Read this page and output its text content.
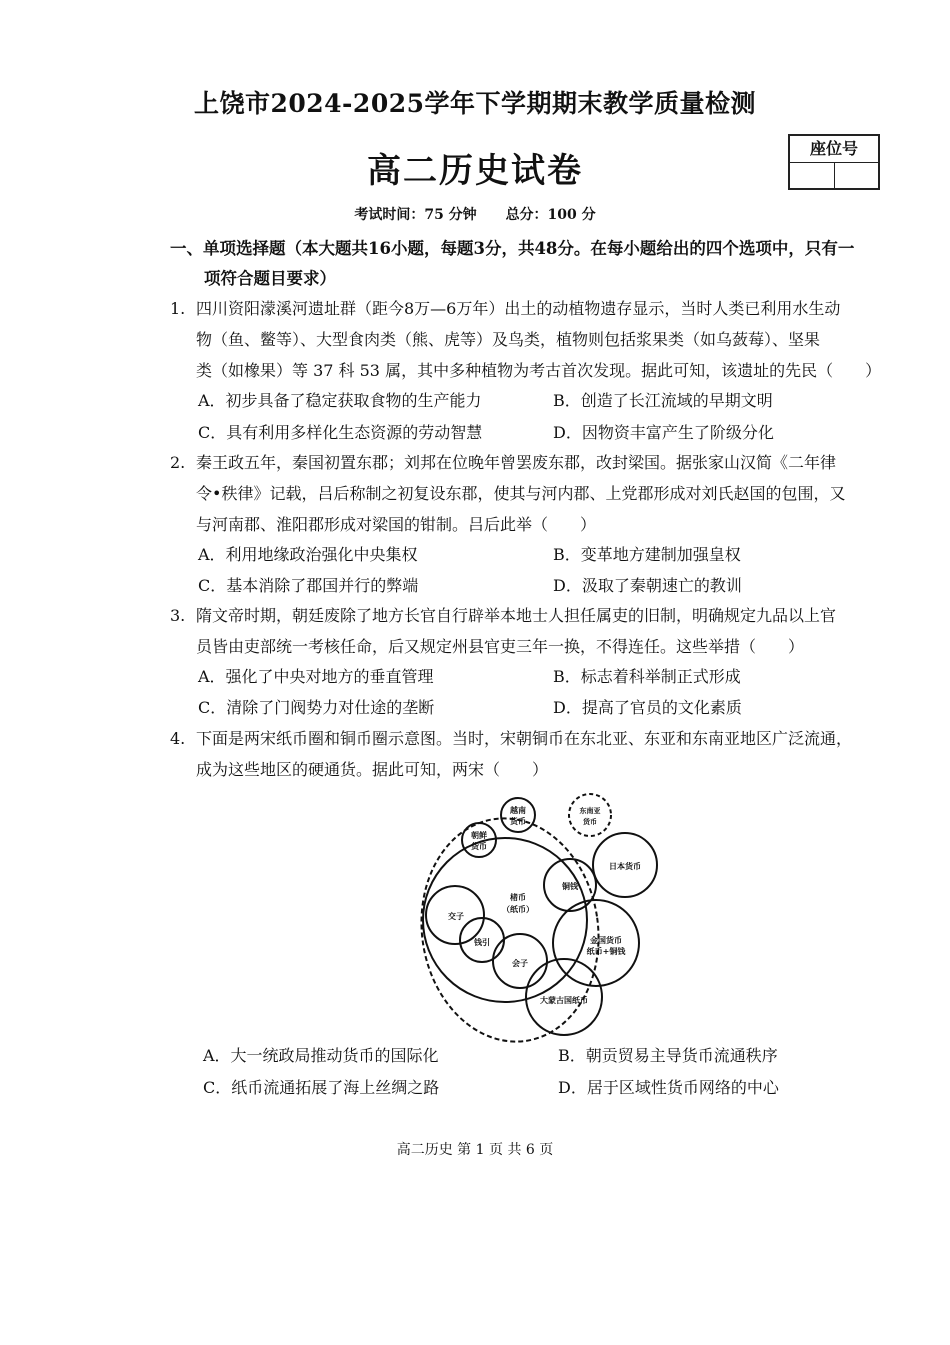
上饶市2024-2025学年下学期期末教学质量检测
高二历史试卷
座位号
考试时间：75 分钟 总分：100 分
一、单项选择题（本大题共16小题，每题3分，共48分。在每小题给出的四个选项中，只有一
项符合题目要求）
1. 四川资阳濛溪河遗址群（距今8万—6万年）出土的动植物遗存显示，当时人类已利用水生动
物（鱼、鳖等）、大型食肉类（熊、虎等）及鸟类，植物则包括浆果类（如乌蔹莓）、坚果
类（如橡果）等 37 科 53 属，其中多种植物为考古首次发现。据此可知，该遗址的先民（　　）
A．初步具备了稳定获取食物的生产能力	B．创造了长江流域的早期文明
C．具有利用多样化生态资源的劳动智慧	D．因物资丰富产生了阶级分化
2. 秦王政五年，秦国初置东郡；刘邦在位晚年曾罢废东郡，改封梁国。据张家山汉简《二年律
令•秩律》记载，吕后称制之初复设东郡，使其与河内郡、上党郡形成对刘氏赵国的包围，又
与河南郡、淮阳郡形成对梁国的钳制。吕后此举（　　）
A．利用地缘政治强化中央集权	B．变革地方建制加强皇权
C．基本消除了郡国并行的弊端	D．汲取了秦朝速亡的教训
3. 隋文帝时期，朝廷废除了地方长官自行辟举本地士人担任属吏的旧制，明确规定九品以上官
员皆由吏部统一考核任命，后又规定州县官吏三年一换，不得连任。这些举措（　　）
A．强化了中央对地方的垂直管理	B．标志着科举制正式形成
C．清除了门阀势力对仕途的垄断	D．提高了官员的文化素质
4. 下面是两宋纸币圈和铜币圈示意图。当时，宋朝铜币在东北亚、东亚和东南亚地区广泛流通，
成为这些地区的硬通货。据此可知，两宋（　　）
越南
货币
朝鲜
货币
东南亚
货币
日本货币
铜钱
楮币
（纸币）
交子
钱引
会子
金国货币
纸币+铜钱
大蒙古国纸币
A．大一统政局推动货币的国际化	B．朝贡贸易主导货币流通秩序
C．纸币流通拓展了海上丝绸之路	D．居于区域性货币网络的中心
高二历史 第 1 页 共 6 页
